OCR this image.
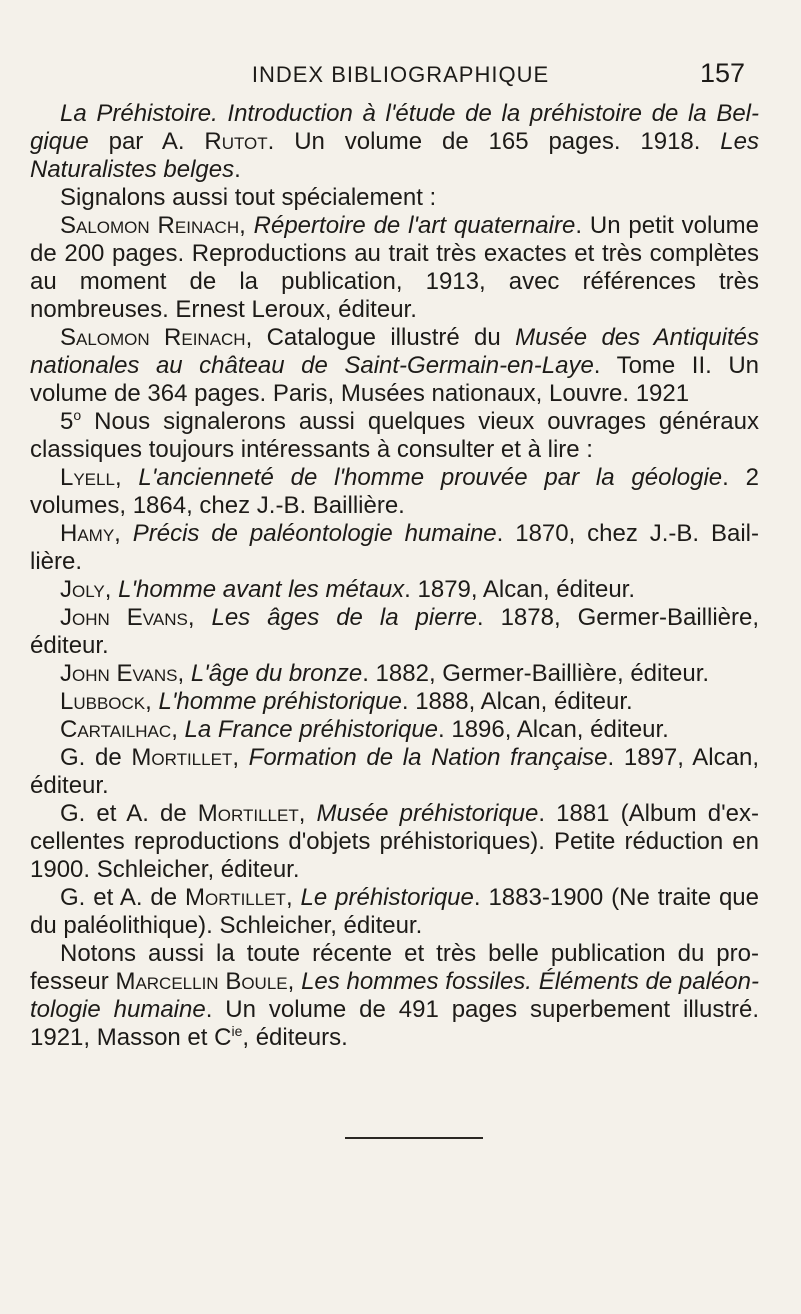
INDEX BIBLIOGRAPHIQUE	157

La Préhistoire. Introduction à l'étude de la préhistoire de la Belgique par A. Rutot. Un volume de 165 pages. 1918. Les Naturalistes belges.

Signalons aussi tout spécialement :

Salomon Reinach, Répertoire de l'art quaternaire. Un petit volume de 200 pages. Reproductions au trait très exactes et très complètes au moment de la publication, 1913, avec références très nombreuses. Ernest Leroux, éditeur.

Salomon Reinach, Catalogue illustré du Musée des Antiquités nationales au château de Saint-Germain-en-Laye. Tome II. Un volume de 364 pages. Paris, Musées nationaux, Louvre. 1921

5$^o$ Nous signalerons aussi quelques vieux ouvrages généraux classiques toujours intéressants à consulter et à lire :

Lyell, L'ancienneté de l'homme prouvée par la géologie. 2 volumes, 1864, chez J.-B. Baillière.

Hamy, Précis de paléontologie humaine. 1870, chez J.-B. Baillière.

Joly, L'homme avant les métaux. 1879, Alcan, éditeur.

John Evans, Les âges de la pierre. 1878, Germer-Baillière, éditeur.

John Evans, L'âge du bronze. 1882, Germer-Baillière, éditeur.

Lubbock, L'homme préhistorique. 1888, Alcan, éditeur.

Cartailhac, La France préhistorique. 1896, Alcan, éditeur.

G. de Mortillet, Formation de la Nation française. 1897, Alcan, éditeur.

G. et A. de Mortillet, Musée préhistorique. 1881 (Album d'excellentes reproductions d'objets préhistoriques). Petite réduction en 1900. Schleicher, éditeur.

G. et A. de Mortillet, Le préhistorique. 1883-1900 (Ne traite que du paléolithique). Schleicher, éditeur.

Notons aussi la toute récente et très belle publication du professeur Marcellin Boule, Les hommes fossiles. Éléments de paléontologie humaine. Un volume de 491 pages superbement illustré. 1921, Masson et $C^{ie}$, éditeurs.
